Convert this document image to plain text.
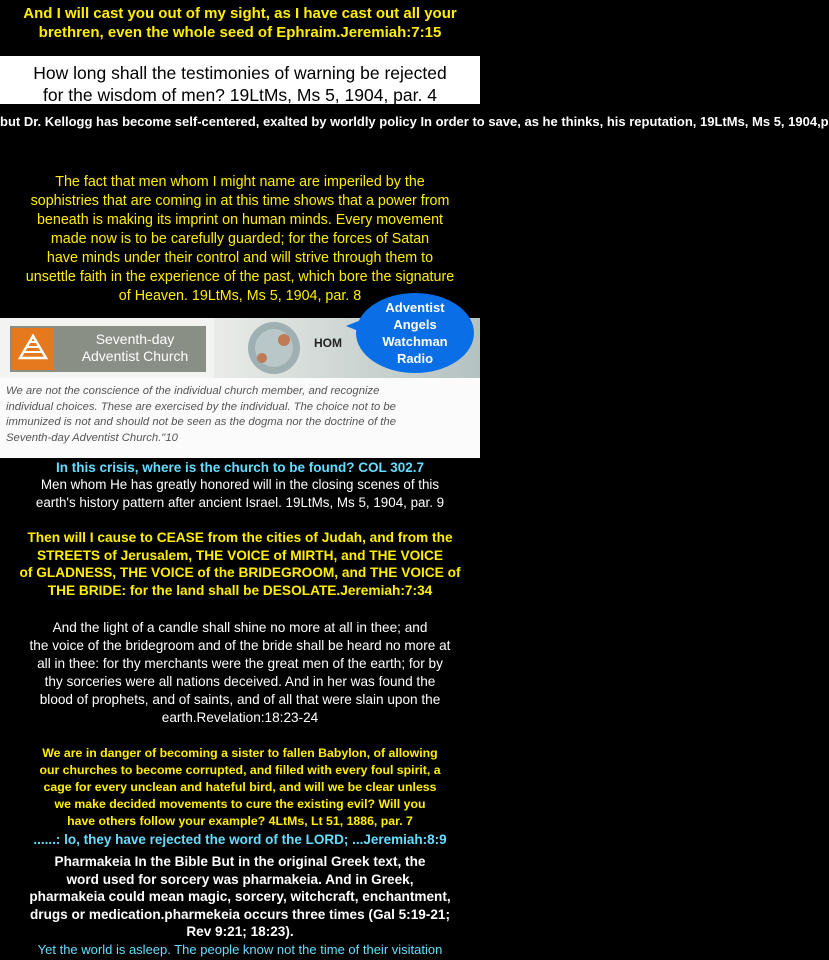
And I will cast you out of my sight, as I have cast out all your brethren, even the whole seed of Ephraim.Jeremiah:7:15
How long shall the testimonies of warning be rejected
for the wisdom of men? 19LtMs, Ms 5, 1904, par. 4
but Dr. Kellogg has become self-centered, exalted by worldly policy In order to save, as he thinks, his reputation, 19LtMs, Ms 5, 1904,p
The fact that men whom I might name are imperiled by the
sophistries that are coming in at this time shows that a power from
beneath is making its imprint on human minds. Every movement
made now is to be carefully guarded; for the forces of Satan
have minds under their control and will strive through them to
unsettle faith in the experience of the past, which bore the signature
of Heaven. 19LtMs, Ms 5, 1904, par. 8
Seventh-day
Adventist Church
HOM
Adventist
Angels
Watchman
Radio
We are not the conscience of the individual church member, and recognize
individual choices. These are exercised by the individual. The choice not to be
immunized is not and should not be seen as the dogma nor the doctrine of the
Seventh-day Adventist Church."10
In this crisis, where is the church to be found? COL 302.7
Men whom He has greatly honored will in the closing scenes of this
earth's history pattern after ancient Israel. 19LtMs, Ms 5, 1904, par. 9
Then will I cause to CEASE from the cities of Judah, and from the
STREETS of Jerusalem, THE VOICE of MIRTH, and THE VOICE
of GLADNESS, THE VOICE of the BRIDEGROOM, and THE VOICE of
THE BRIDE: for the land shall be DESOLATE.Jeremiah:7:34
And the light of a candle shall shine no more at all in thee; and
the voice of the bridegroom and of the bride shall be heard no more at
all in thee: for thy merchants were the great men of the earth; for by
thy sorceries were all nations deceived. And in her was found the
blood of prophets, and of saints, and of all that were slain upon the
earth.Revelation:18:23-24
We are in danger of becoming a sister to fallen Babylon, of allowing
our churches to become corrupted, and filled with every foul spirit, a
cage for every unclean and hateful bird, and will we be clear unless
we make decided movements to cure the existing evil? Will you
have others follow your example? 4LtMs, Lt 51, 1886, par. 7
......: lo, they have rejected the word of the LORD; ...Jeremiah:8:9
Pharmakeia In the Bible But in the original Greek text, the
word used for sorcery was pharmakeia. And in Greek,
pharmakeia could mean magic, sorcery, witchcraft, enchantment,
drugs or medication.pharmekeia occurs three times (Gal 5:19-21;
Rev 9:21; 18:23).
Yet the world is asleep. The people know not the time of their visitation
